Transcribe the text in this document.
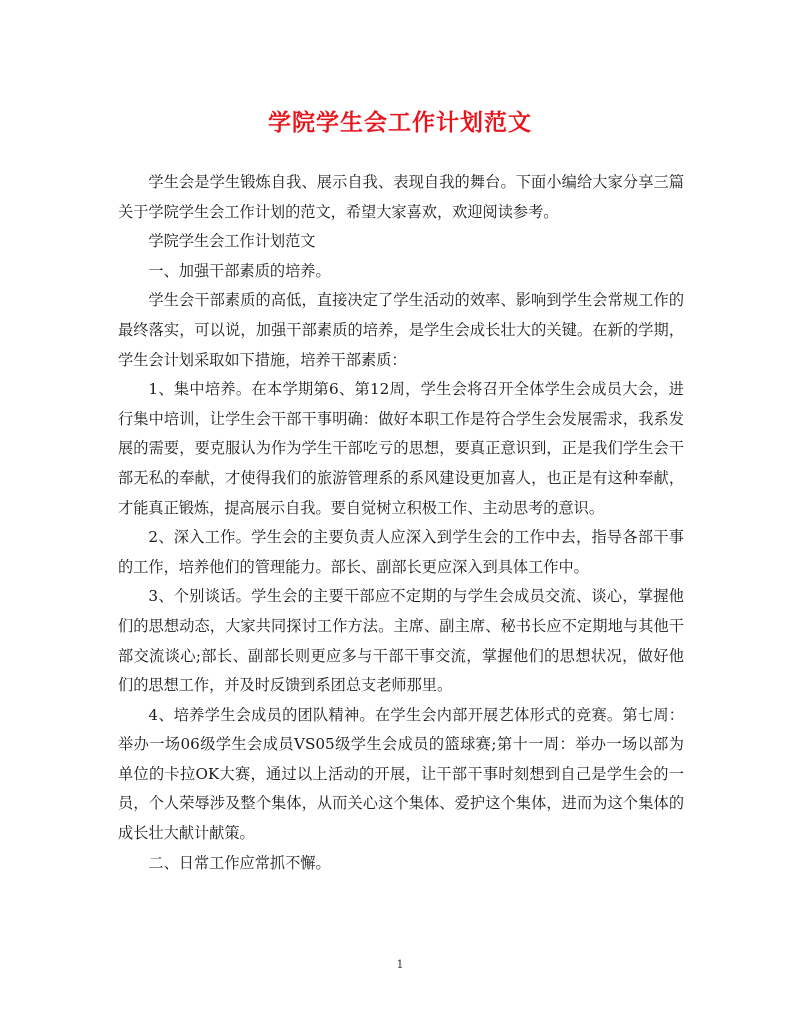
学院学生会工作计划范文

学生会是学生锻炼自我、展示自我、表现自我的舞台。下面小编给大家分享三篇关于学院学生会工作计划的范文，希望大家喜欢，欢迎阅读参考。

学院学生会工作计划范文

一、加强干部素质的培养。

学生会干部素质的高低，直接决定了学生活动的效率、影响到学生会常规工作的最终落实，可以说，加强干部素质的培养，是学生会成长壮大的关键。在新的学期，学生会计划采取如下措施，培养干部素质：

1、集中培养。在本学期第6、第12周，学生会将召开全体学生会成员大会，进行集中培训，让学生会干部干事明确：做好本职工作是符合学生会发展需求，我系发展的需要，要克服认为作为学生干部吃亏的思想，要真正意识到，正是我们学生会干部无私的奉献，才使得我们的旅游管理系的系风建设更加喜人，也正是有这种奉献，才能真正锻炼，提高展示自我。要自觉树立积极工作、主动思考的意识。

2、深入工作。学生会的主要负责人应深入到学生会的工作中去，指导各部干事的工作，培养他们的管理能力。部长、副部长更应深入到具体工作中。

3、个别谈话。学生会的主要干部应不定期的与学生会成员交流、谈心，掌握他们的思想动态，大家共同探讨工作方法。主席、副主席、秘书长应不定期地与其他干部交流谈心;部长、副部长则更应多与干部干事交流，掌握他们的思想状况，做好他们的思想工作，并及时反馈到系团总支老师那里。

4、培养学生会成员的团队精神。在学生会内部开展艺体形式的竞赛。第七周：举办一场06级学生会成员VS05级学生会成员的篮球赛;第十一周：举办一场以部为单位的卡拉OK大赛，通过以上活动的开展，让干部干事时刻想到自己是学生会的一员，个人荣辱涉及整个集体，从而关心这个集体、爱护这个集体，进而为这个集体的成长壮大献计献策。

二、日常工作应常抓不懈。

1
